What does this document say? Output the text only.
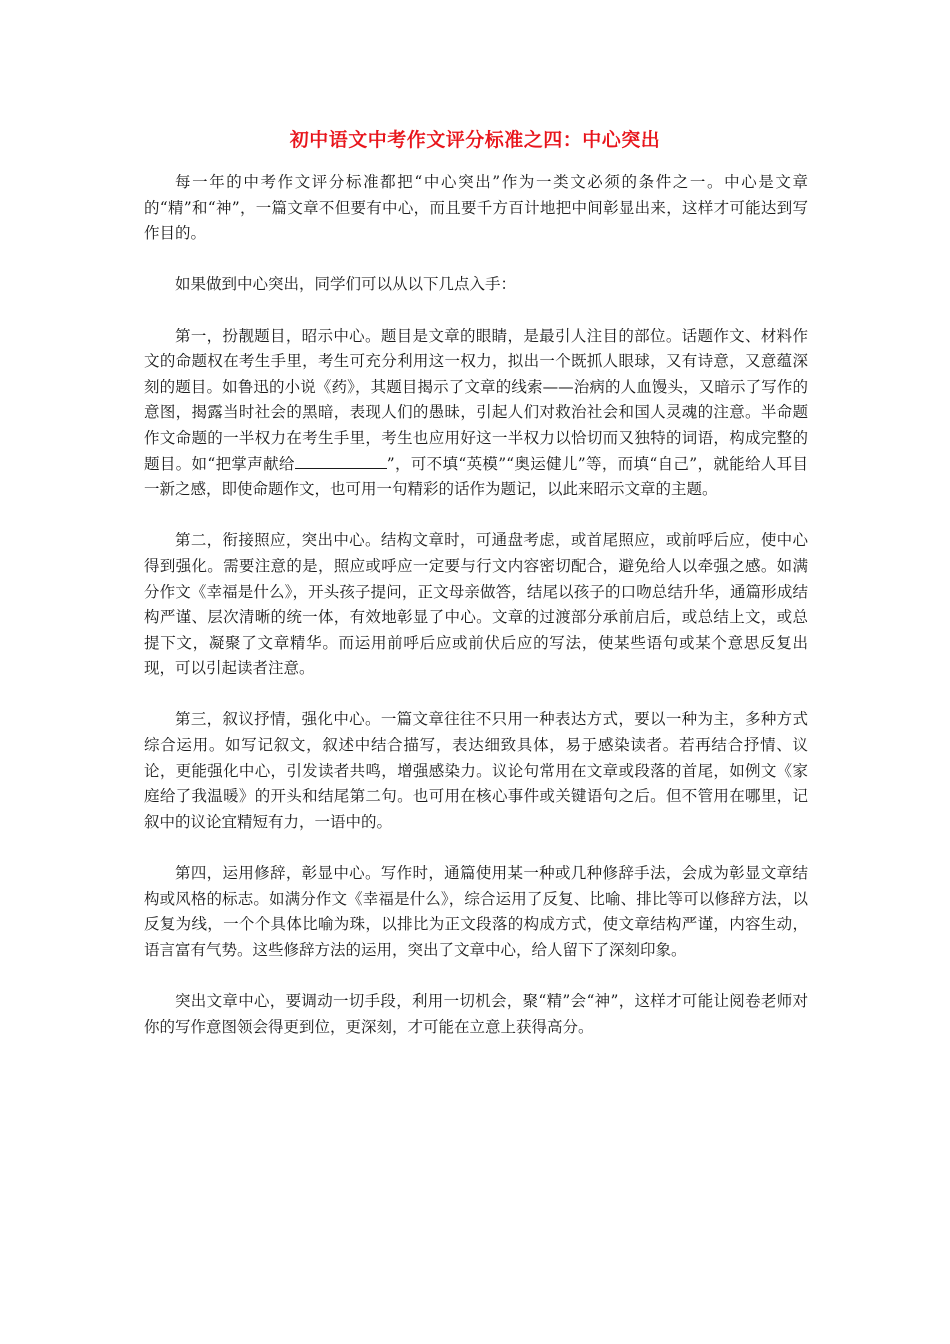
初中语文中考作文评分标准之四：中心突出

每一年的中考作文评分标准都把“中心突出”作为一类文必须的条件之一。中心是文章的“精”和“神”，一篇文章不但要有中心，而且要千方百计地把中间彰显出来，这样才可能达到写作目的。

如果做到中心突出，同学们可以从以下几点入手：

第一，扮靓题目，昭示中心。题目是文章的眼睛，是最引人注目的部位。话题作文、材料作文的命题权在考生手里，考生可充分利用这一权力，拟出一个既抓人眼球，又有诗意，又意蕴深刻的题目。如鲁迅的小说《药》，其题目揭示了文章的线索——治病的人血馒头，又暗示了写作的意图，揭露当时社会的黑暗，表现人们的愚昧，引起人们对救治社会和国人灵魂的注意。半命题作文命题的一半权力在考生手里，考生也应用好这一半权力以恰切而又独特的词语，构成完整的题目。如“把掌声献给	”，可不填“英模”“奥运健儿”等，而填“自己”，就能给人耳目一新之感，即使命题作文，也可用一句精彩的话作为题记，以此来昭示文章的主题。

第二，衔接照应，突出中心。结构文章时，可通盘考虑，或首尾照应，或前呼后应，使中心得到强化。需要注意的是，照应或呼应一定要与行文内容密切配合，避免给人以牵强之感。如满分作文《幸福是什么》，开头孩子提问，正文母亲做答，结尾以孩子的口吻总结升华，通篇形成结构严谨、层次清晰的统一体，有效地彰显了中心。文章的过渡部分承前启后，或总结上文，或总提下文，凝聚了文章精华。而运用前呼后应或前伏后应的写法，使某些语句或某个意思反复出现，可以引起读者注意。

第三，叙议抒情，强化中心。一篇文章往往不只用一种表达方式，要以一种为主，多种方式综合运用。如写记叙文，叙述中结合描写，表达细致具体，易于感染读者。若再结合抒情、议论，更能强化中心，引发读者共鸣，增强感染力。议论句常用在文章或段落的首尾，如例文《家庭给了我温暖》的开头和结尾第二句。也可用在核心事件或关键语句之后。但不管用在哪里，记叙中的议论宜精短有力，一语中的。

第四，运用修辞，彰显中心。写作时，通篇使用某一种或几种修辞手法，会成为彰显文章结构或风格的标志。如满分作文《幸福是什么》，综合运用了反复、比喻、排比等可以修辞方法，以反复为线，一个个具体比喻为珠，以排比为正文段落的构成方式，使文章结构严谨，内容生动，语言富有气势。这些修辞方法的运用，突出了文章中心，给人留下了深刻印象。

突出文章中心，要调动一切手段，利用一切机会，聚“精”会“神”，这样才可能让阅卷老师对你的写作意图领会得更到位，更深刻，才可能在立意上获得高分。
